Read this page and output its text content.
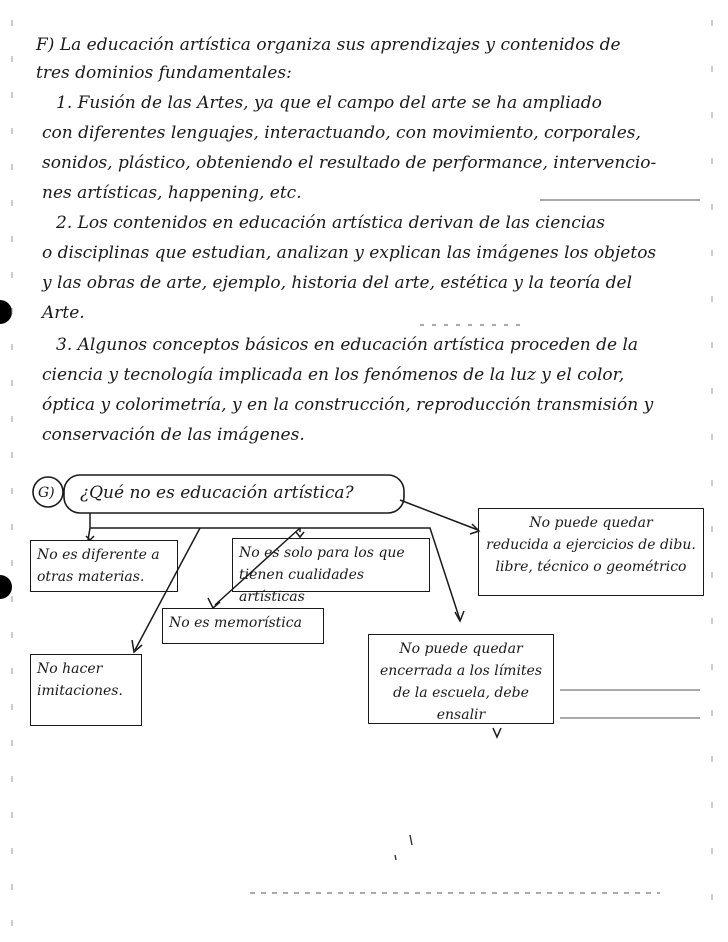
F) La educación artística organiza sus aprendizajes y contenidos de
tres dominios fundamentales:
1. Fusión de las Artes, ya que el campo del arte se ha ampliado
con diferentes lenguajes, interactuando, con movimiento, corporales,
sonidos, plástico, obteniendo el resultado de performance, intervencio-
nes artísticas, happening, etc.
2. Los contenidos en educación artística derivan de las ciencias
o disciplinas que estudian, analizan y explican las imágenes los objetos
y las obras de arte, ejemplo, historia del arte, estética y la teoría del
Arte.
3. Algunos conceptos básicos en educación artística proceden de la
ciencia y tecnología implicada en los fenómenos de la luz y el color,
óptica y colorimetría, y en la construcción, reproducción transmisión y
conservación de las imágenes.
G) ¿Qué no es educación artística?
No es diferente a
otras materias.
No es solo para los que
tienen cualidades artísticas
No puede quedar
reducida a ejercicios de dibu.
libre, técnico o geométrico
No es memorística
No hacer
imitaciones.
No puede quedar
encerrada a los límites
de la escuela, debe ensalir
